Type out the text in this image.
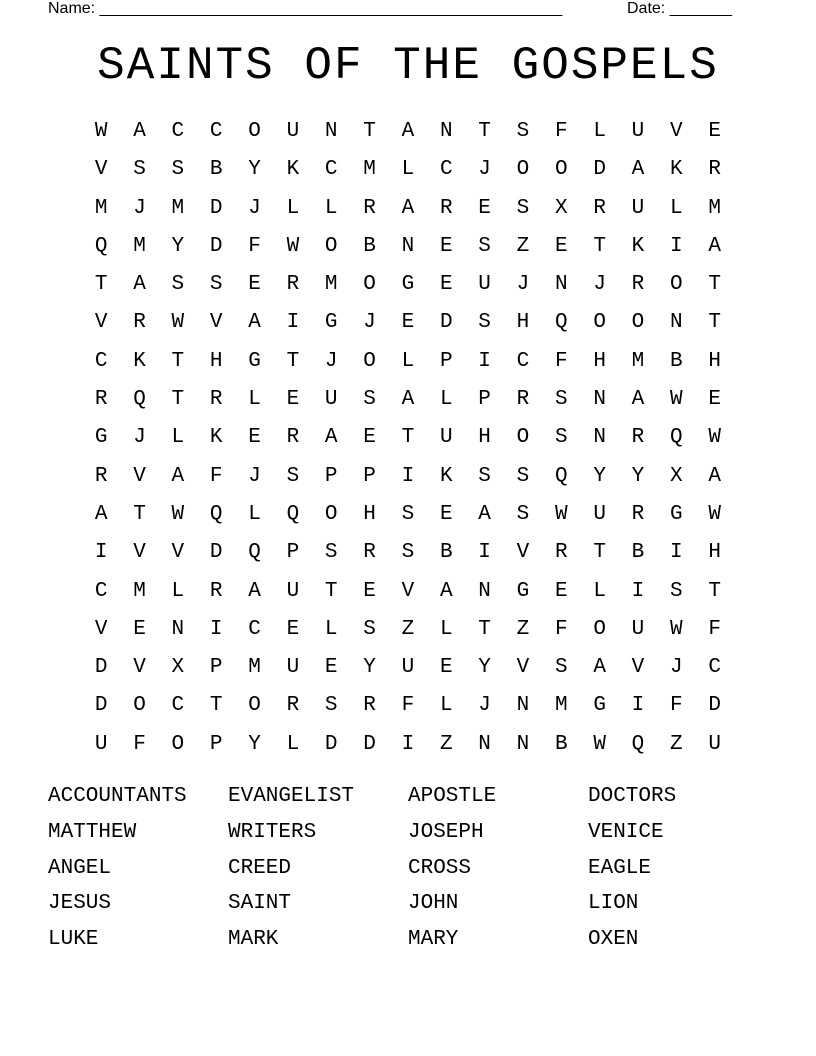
Name: ____________________________________________________	Date: _______
SAINTS OF THE GOSPELS
W	A	C	C	O	U	N	T	A	N	T	S	F	L	U	V	E
V	S	S	B	Y	K	C	M	L	C	J	O	O	D	A	K	R
M	J	M	D	J	L	L	R	A	R	E	S	X	R	U	L	M
Q	M	Y	D	F	W	O	B	N	E	S	Z	E	T	K	I	A
T	A	S	S	E	R	M	O	G	E	U	J	N	J	R	O	T
V	R	W	V	A	I	G	J	E	D	S	H	Q	O	O	N	T
C	K	T	H	G	T	J	O	L	P	I	C	F	H	M	B	H
R	Q	T	R	L	E	U	S	A	L	P	R	S	N	A	W	E
G	J	L	K	E	R	A	E	T	U	H	O	S	N	R	Q	W
R	V	A	F	J	S	P	P	I	K	S	S	Q	Y	Y	X	A
A	T	W	Q	L	Q	O	H	S	E	A	S	W	U	R	G	W
I	V	V	D	Q	P	S	R	S	B	I	V	R	T	B	I	H
C	M	L	R	A	U	T	E	V	A	N	G	E	L	I	S	T
V	E	N	I	C	E	L	S	Z	L	T	Z	F	O	U	W	F
D	V	X	P	M	U	E	Y	U	E	Y	V	S	A	V	J	C
D	O	C	T	O	R	S	R	F	L	J	N	M	G	I	F	D
U	F	O	P	Y	L	D	D	I	Z	N	N	B	W	Q	Z	U
ACCOUNTANTS	EVANGELIST	APOSTLE	DOCTORS
MATTHEW	WRITERS	JOSEPH	VENICE
ANGEL	CREED	CROSS	EAGLE
JESUS	SAINT	JOHN	LION
LUKE	MARK	MARY	OXEN
